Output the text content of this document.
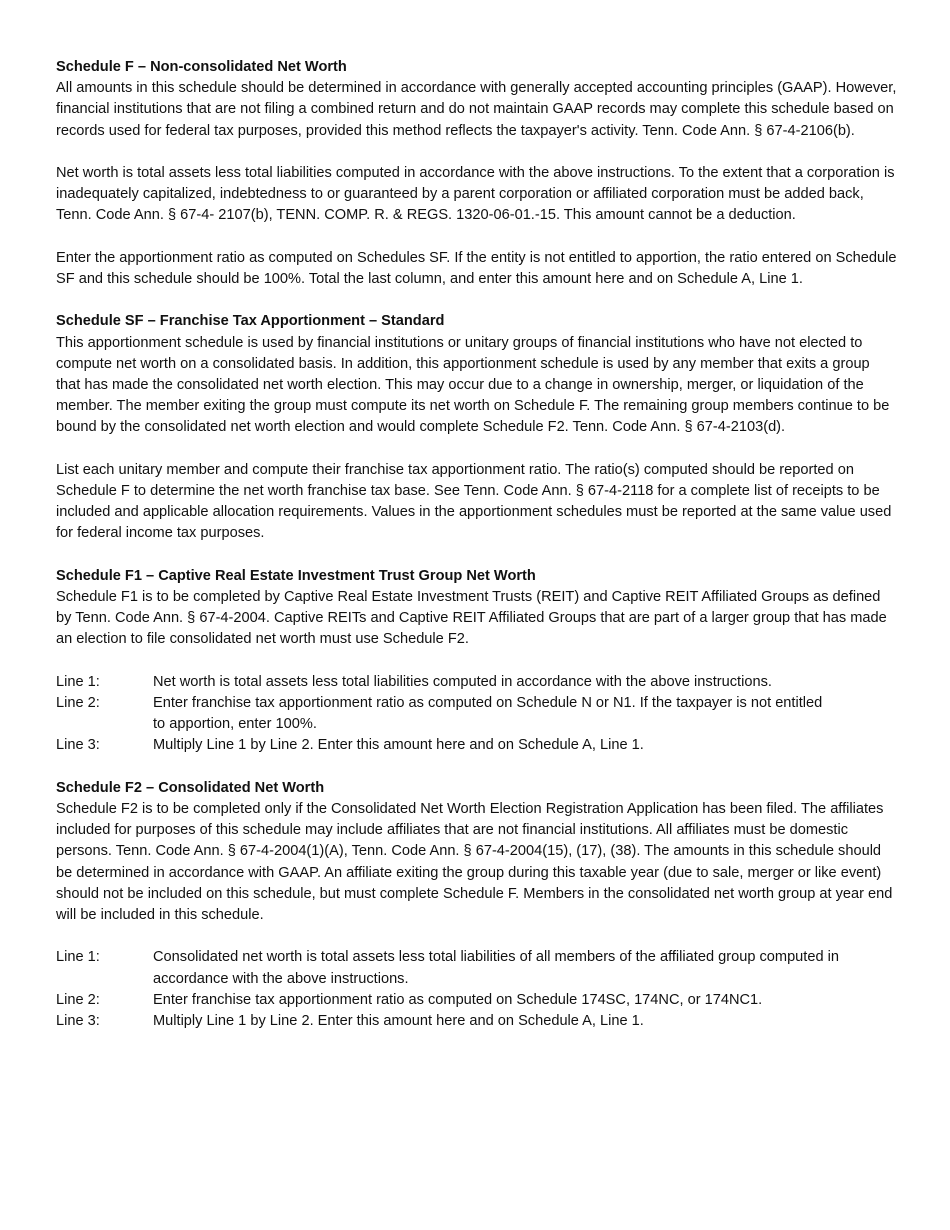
Schedule F – Non-consolidated Net Worth

All amounts in this schedule should be determined in accordance with generally accepted accounting principles (GAAP). However, financial institutions that are not filing a combined return and do not maintain GAAP records may complete this schedule based on records used for federal tax purposes, provided this method reflects the taxpayer's activity. Tenn. Code Ann. § 67-4-2106(b).

Net worth is total assets less total liabilities computed in accordance with the above instructions. To the extent that a corporation is inadequately capitalized, indebtedness to or guaranteed by a parent corporation or affiliated corporation must be added back, Tenn. Code Ann. § 67-4- 2107(b), TENN. COMP. R. & REGS. 1320-06-01.-15. This amount cannot be a deduction.

Enter the apportionment ratio as computed on Schedules SF. If the entity is not entitled to apportion, the ratio entered on Schedule SF and this schedule should be 100%. Total the last column, and enter this amount here and on Schedule A, Line 1.

Schedule SF – Franchise Tax Apportionment – Standard

This apportionment schedule is used by financial institutions or unitary groups of financial institutions who have not elected to compute net worth on a consolidated basis. In addition, this apportionment schedule is used by any member that exits a group that has made the consolidated net worth election. This may occur due to a change in ownership, merger, or liquidation of the member. The member exiting the group must compute its net worth on Schedule F. The remaining group members continue to be bound by the consolidated net worth election and would complete Schedule F2. Tenn. Code Ann. § 67-4-2103(d).

List each unitary member and compute their franchise tax apportionment ratio. The ratio(s) computed should be reported on Schedule F to determine the net worth franchise tax base. See Tenn. Code Ann. § 67-4-2118 for a complete list of receipts to be included and applicable allocation requirements. Values in the apportionment schedules must be reported at the same value used for federal income tax purposes.

Schedule F1 – Captive Real Estate Investment Trust Group Net Worth

Schedule F1 is to be completed by Captive Real Estate Investment Trusts (REIT) and Captive REIT Affiliated Groups as defined by Tenn. Code Ann. § 67-4-2004. Captive REITs and Captive REIT Affiliated Groups that are part of a larger group that has made an election to file consolidated net worth must use Schedule F2.

Line 1:	Net worth is total assets less total liabilities computed in accordance with the above instructions.
Line 2:	Enter franchise tax apportionment ratio as computed on Schedule N or N1. If the taxpayer is not entitled to apportion, enter 100%.
Line 3:	Multiply Line 1 by Line 2. Enter this amount here and on Schedule A, Line 1.
Schedule F2 – Consolidated Net Worth

Schedule F2 is to be completed only if the Consolidated Net Worth Election Registration Application has been filed. The affiliates included for purposes of this schedule may include affiliates that are not financial institutions. All affiliates must be domestic persons. Tenn. Code Ann. § 67-4-2004(1)(A), Tenn. Code Ann. § 67-4-2004(15), (17), (38). The amounts in this schedule should be determined in accordance with GAAP. An affiliate exiting the group during this taxable year (due to sale, merger or like event) should not be included on this schedule, but must complete Schedule F. Members in the consolidated net worth group at year end will be included in this schedule.

Line 1:	Consolidated net worth is total assets less total liabilities of all members of the affiliated group computed in accordance with the above instructions.
Line 2:	Enter franchise tax apportionment ratio as computed on Schedule 174SC, 174NC, or 174NC1.
Line 3:	Multiply Line 1 by Line 2. Enter this amount here and on Schedule A, Line 1.
